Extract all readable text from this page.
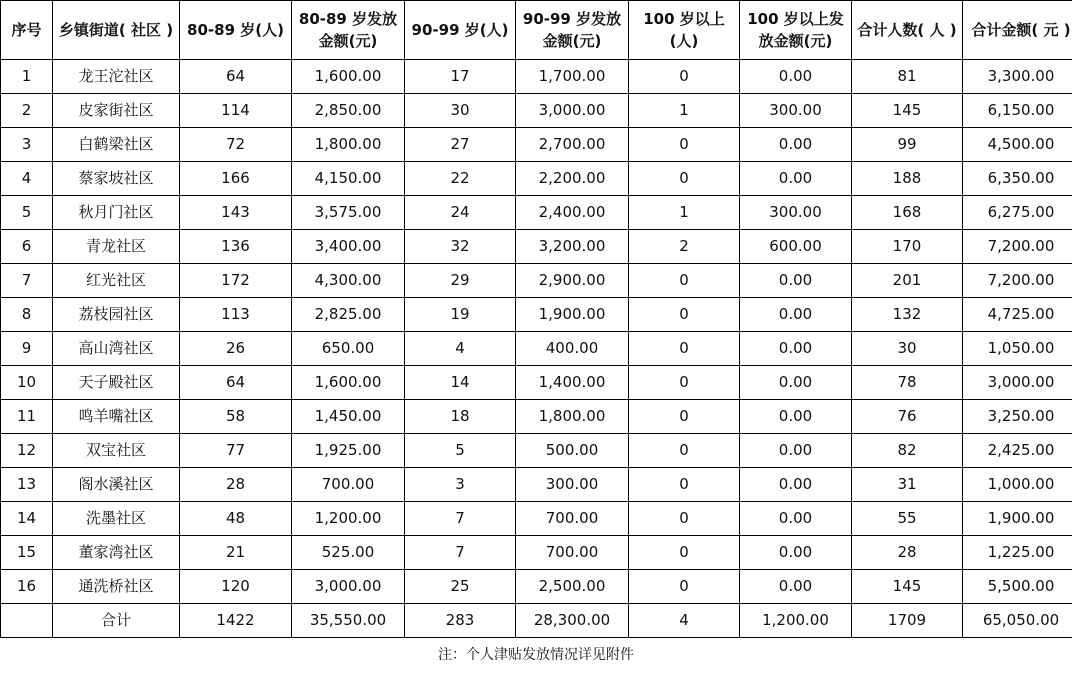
序号	乡镇街道( 社区 )	80-89 岁(人)	80-89 岁发放金额(元)	90-99 岁(人)	90-99 岁发放金额(元)	100 岁以上(人)	100 岁以上发放金额(元)	合计人数( 人 )	合计金额( 元 )
1	龙王沱社区	64	1,600.00	17	1,700.00	0	0.00	81	3,300.00
2	皮家街社区	114	2,850.00	30	3,000.00	1	300.00	145	6,150.00
3	白鹤梁社区	72	1,800.00	27	2,700.00	0	0.00	99	4,500.00
4	蔡家坡社区	166	4,150.00	22	2,200.00	0	0.00	188	6,350.00
5	秋月门社区	143	3,575.00	24	2,400.00	1	300.00	168	6,275.00
6	青龙社区	136	3,400.00	32	3,200.00	2	600.00	170	7,200.00
7	红光社区	172	4,300.00	29	2,900.00	0	0.00	201	7,200.00
8	荔枝园社区	113	2,825.00	19	1,900.00	0	0.00	132	4,725.00
9	高山湾社区	26	650.00	4	400.00	0	0.00	30	1,050.00
10	天子殿社区	64	1,600.00	14	1,400.00	0	0.00	78	3,000.00
11	鸣羊嘴社区	58	1,450.00	18	1,800.00	0	0.00	76	3,250.00
12	双宝社区	77	1,925.00	5	500.00	0	0.00	82	2,425.00
13	阁水溪社区	28	700.00	3	300.00	0	0.00	31	1,000.00
14	洗墨社区	48	1,200.00	7	700.00	0	0.00	55	1,900.00
15	董家湾社区	21	525.00	7	700.00	0	0.00	28	1,225.00
16	通洗桥社区	120	3,000.00	25	2,500.00	0	0.00	145	5,500.00
	合计	1422	35,550.00	283	28,300.00	4	1,200.00	1709	65,050.00
注：个人津贴发放情况详见附件
